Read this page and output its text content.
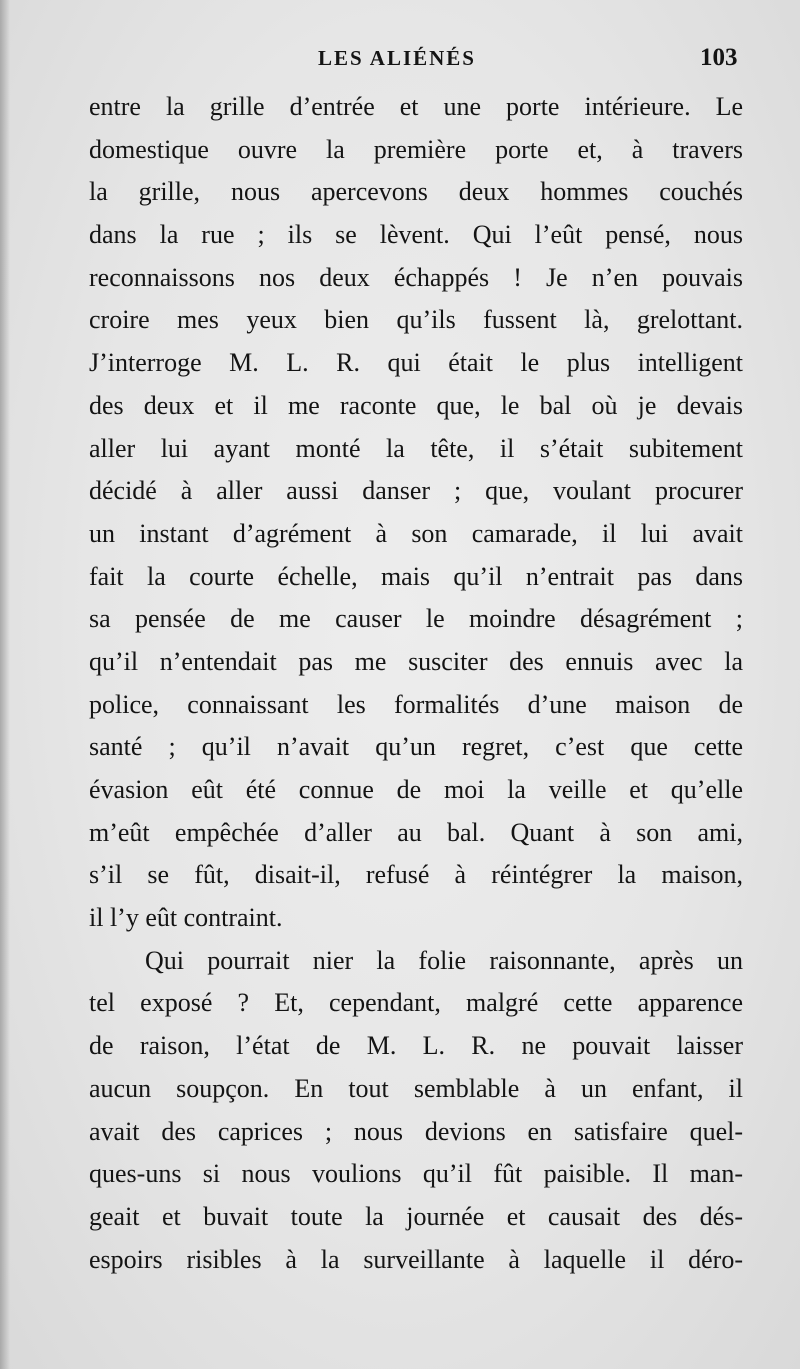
LES ALIÉNÉS	103
entre la grille d’entrée et une porte intérieure. Le
domestique ouvre la première porte et, à travers
la grille, nous apercevons deux hommes couchés
dans la rue ; ils se lèvent. Qui l’eût pensé, nous
reconnaissons nos deux échappés ! Je n’en pouvais
croire mes yeux bien qu’ils fussent là, grelottant.
J’interroge M. L. R. qui était le plus intelligent
des deux et il me raconte que, le bal où je devais
aller lui ayant monté la tête, il s’était subitement
décidé à aller aussi danser ; que, voulant procurer
un instant d’agrément à son camarade, il lui avait
fait la courte échelle, mais qu’il n’entrait pas dans
sa pensée de me causer le moindre désagrément ;
qu’il n’entendait pas me susciter des ennuis avec la
police, connaissant les formalités d’une maison de
santé ; qu’il n’avait qu’un regret, c’est que cette
évasion eût été connue de moi la veille et qu’elle
m’eût empêchée d’aller au bal. Quant à son ami,
s’il se fût, disait-il, refusé à réintégrer la maison,
il l’y eût contraint.
Qui pourrait nier la folie raisonnante, après un
tel exposé ? Et, cependant, malgré cette apparence
de raison, l’état de M. L. R. ne pouvait laisser
aucun soupçon. En tout semblable à un enfant, il
avait des caprices ; nous devions en satisfaire quel-
ques-uns si nous voulions qu’il fût paisible. Il man-
geait et buvait toute la journée et causait des dés-
espoirs risibles à la surveillante à laquelle il déro-
